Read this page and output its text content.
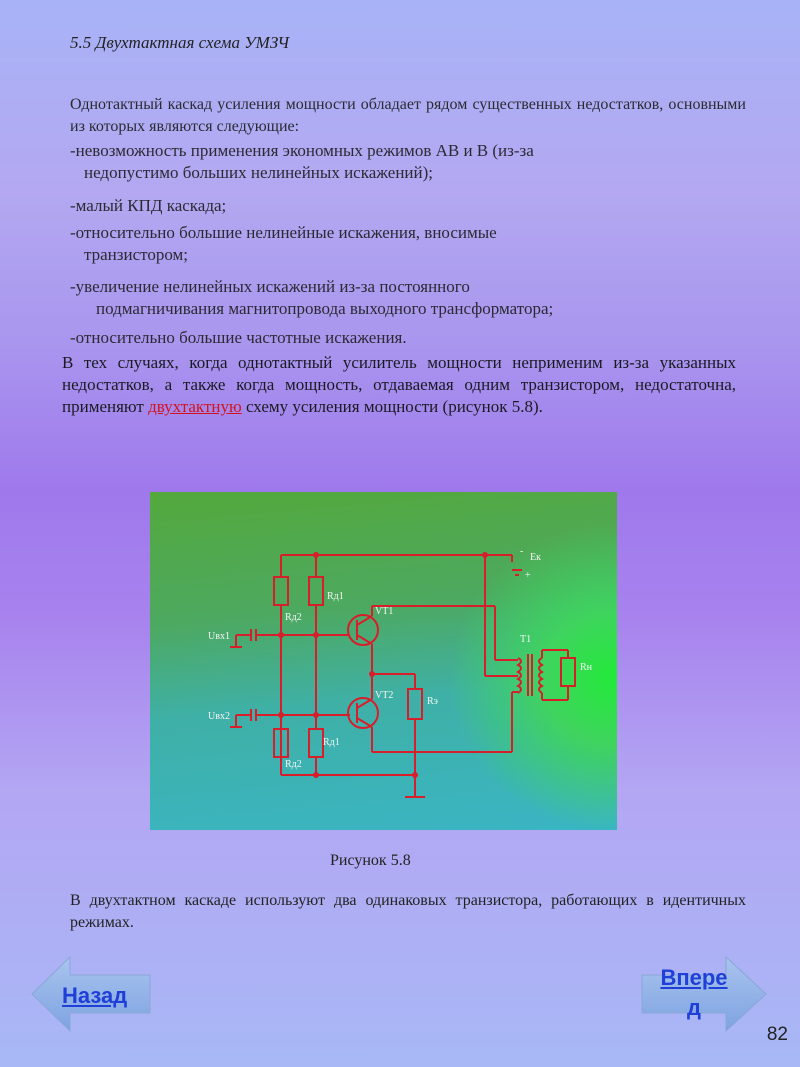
5.5 Двухтактная схема УМЗЧ
Однотактный каскад усиления мощности обладает рядом существенных недостатков, основными из которых являются следующие:
-невозможность применения экономных режимов АВ и В (из-за
недопустимо больших нелинейных искажений);
-малый КПД каскада;
-относительно большие нелинейные искажения, вносимые
транзистором;
-увеличение нелинейных искажений из-за постоянного
подмагничивания магнитопровода выходного трансформатора;
-относительно большие частотные искажения.
В тех случаях, когда однотактный усилитель мощности неприменим из-за указанных недостатков, а также когда мощность, отдаваемая одним транзистором, недостаточна, применяют двухтактную схему усиления мощности (рисунок 5.8).
Eк
-
+
Rд1
Rд2
VT1
VT2
T1
Rн
Rэ
Uвх1
Uвх2
Rд1
Rд2
Рисунок 5.8
В двухтактном каскаде используют два одинаковых транзистора, работающих в идентичных режимах.
Назад
Впере
д
82
